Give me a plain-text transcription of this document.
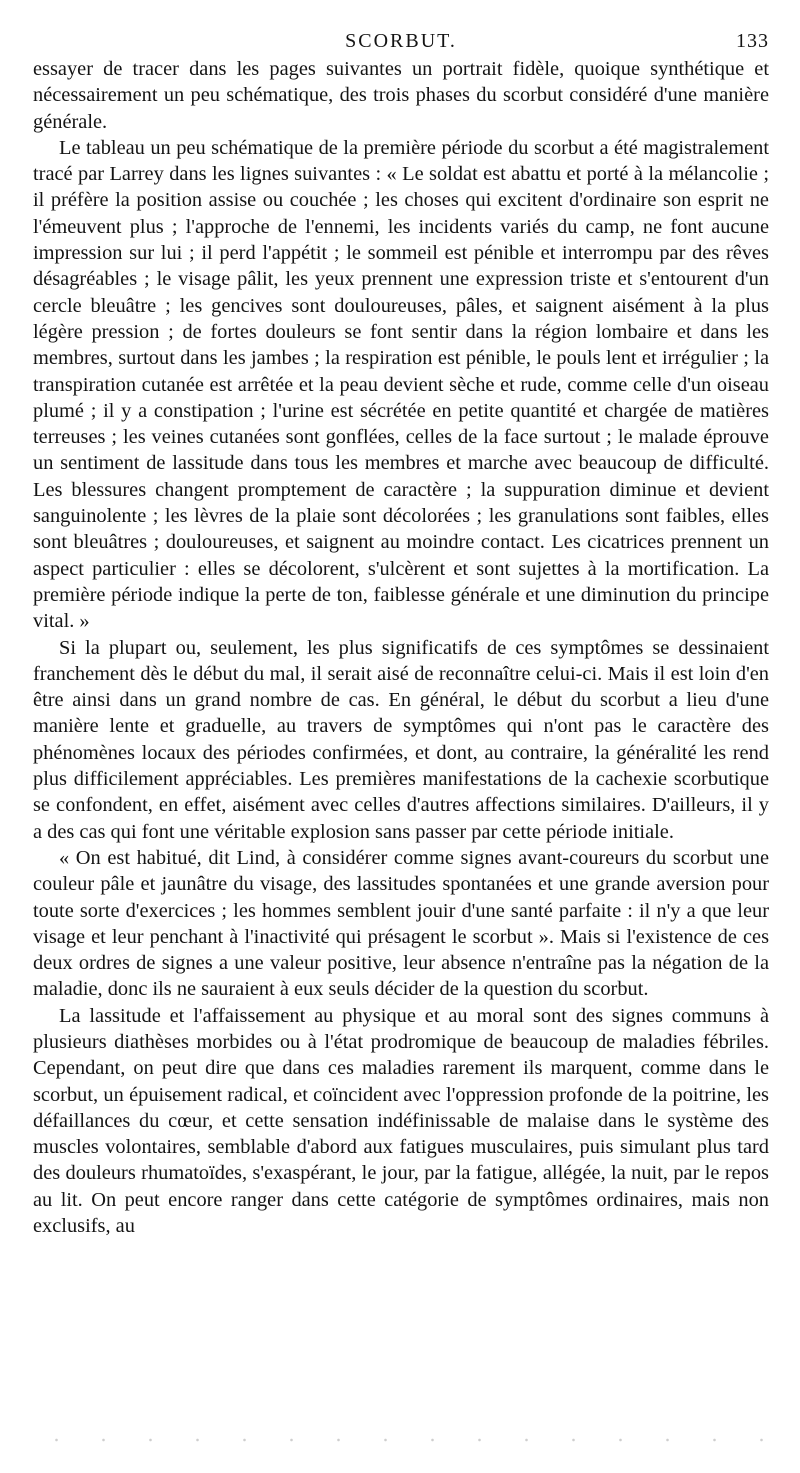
SCORBUT.	133

essayer de tracer dans les pages suivantes un portrait fidèle, quoique synthétique et nécessairement un peu schématique, des trois phases du scorbut considéré d'une manière générale.

Le tableau un peu schématique de la première période du scorbut a été magistralement tracé par Larrey dans les lignes suivantes : « Le soldat est abattu et porté à la mélancolie ; il préfère la position assise ou couchée ; les choses qui excitent d'ordinaire son esprit ne l'émeuvent plus ; l'approche de l'ennemi, les incidents variés du camp, ne font aucune impression sur lui ; il perd l'appétit ; le sommeil est pénible et interrompu par des rêves désagréables ; le visage pâlit, les yeux prennent une expression triste et s'entourent d'un cercle bleuâtre ; les gencives sont douloureuses, pâles, et saignent aisément à la plus légère pression ; de fortes douleurs se font sentir dans la région lombaire et dans les membres, surtout dans les jambes ; la respiration est pénible, le pouls lent et irrégulier ; la transpiration cutanée est arrêtée et la peau devient sèche et rude, comme celle d'un oiseau plumé ; il y a constipation ; l'urine est sécrétée en petite quantité et chargée de matières terreuses ; les veines cutanées sont gonflées, celles de la face surtout ; le malade éprouve un sentiment de lassitude dans tous les membres et marche avec beaucoup de difficulté. Les blessures changent promptement de caractère ; la suppuration diminue et devient sanguinolente ; les lèvres de la plaie sont décolorées ; les granulations sont faibles, elles sont bleuâtres ; douloureuses, et saignent au moindre contact. Les cicatrices prennent un aspect particulier : elles se décolorent, s'ulcèrent et sont sujettes à la mortification. La première période indique la perte de ton, faiblesse générale et une diminution du principe vital. »

Si la plupart ou, seulement, les plus significatifs de ces symptômes se dessinaient franchement dès le début du mal, il serait aisé de reconnaître celui-ci. Mais il est loin d'en être ainsi dans un grand nombre de cas. En général, le début du scorbut a lieu d'une manière lente et graduelle, au travers de symptômes qui n'ont pas le caractère des phénomènes locaux des périodes confirmées, et dont, au contraire, la généralité les rend plus difficilement appréciables. Les premières manifestations de la cachexie scorbutique se confondent, en effet, aisément avec celles d'autres affections similaires. D'ailleurs, il y a des cas qui font une véritable explosion sans passer par cette période initiale.

« On est habitué, dit Lind, à considérer comme signes avant-coureurs du scorbut une couleur pâle et jaunâtre du visage, des lassitudes spontanées et une grande aversion pour toute sorte d'exercices ; les hommes semblent jouir d'une santé parfaite : il n'y a que leur visage et leur penchant à l'inactivité qui présagent le scorbut ». Mais si l'existence de ces deux ordres de signes a une valeur positive, leur absence n'entraîne pas la négation de la maladie, donc ils ne sauraient à eux seuls décider de la question du scorbut.

La lassitude et l'affaissement au physique et au moral sont des signes communs à plusieurs diathèses morbides ou à l'état prodromique de beaucoup de maladies fébriles. Cependant, on peut dire que dans ces maladies rarement ils marquent, comme dans le scorbut, un épuisement radical, et coïncident avec l'oppression profonde de la poitrine, les défaillances du cœur, et cette sensation indéfinissable de malaise dans le système des muscles volontaires, semblable d'abord aux fatigues musculaires, puis simulant plus tard des douleurs rhumatoïdes, s'exaspérant, le jour, par la fatigue, allégée, la nuit, par le repos au lit. On peut encore ranger dans cette catégorie de symptômes ordinaires, mais non exclusifs, au
